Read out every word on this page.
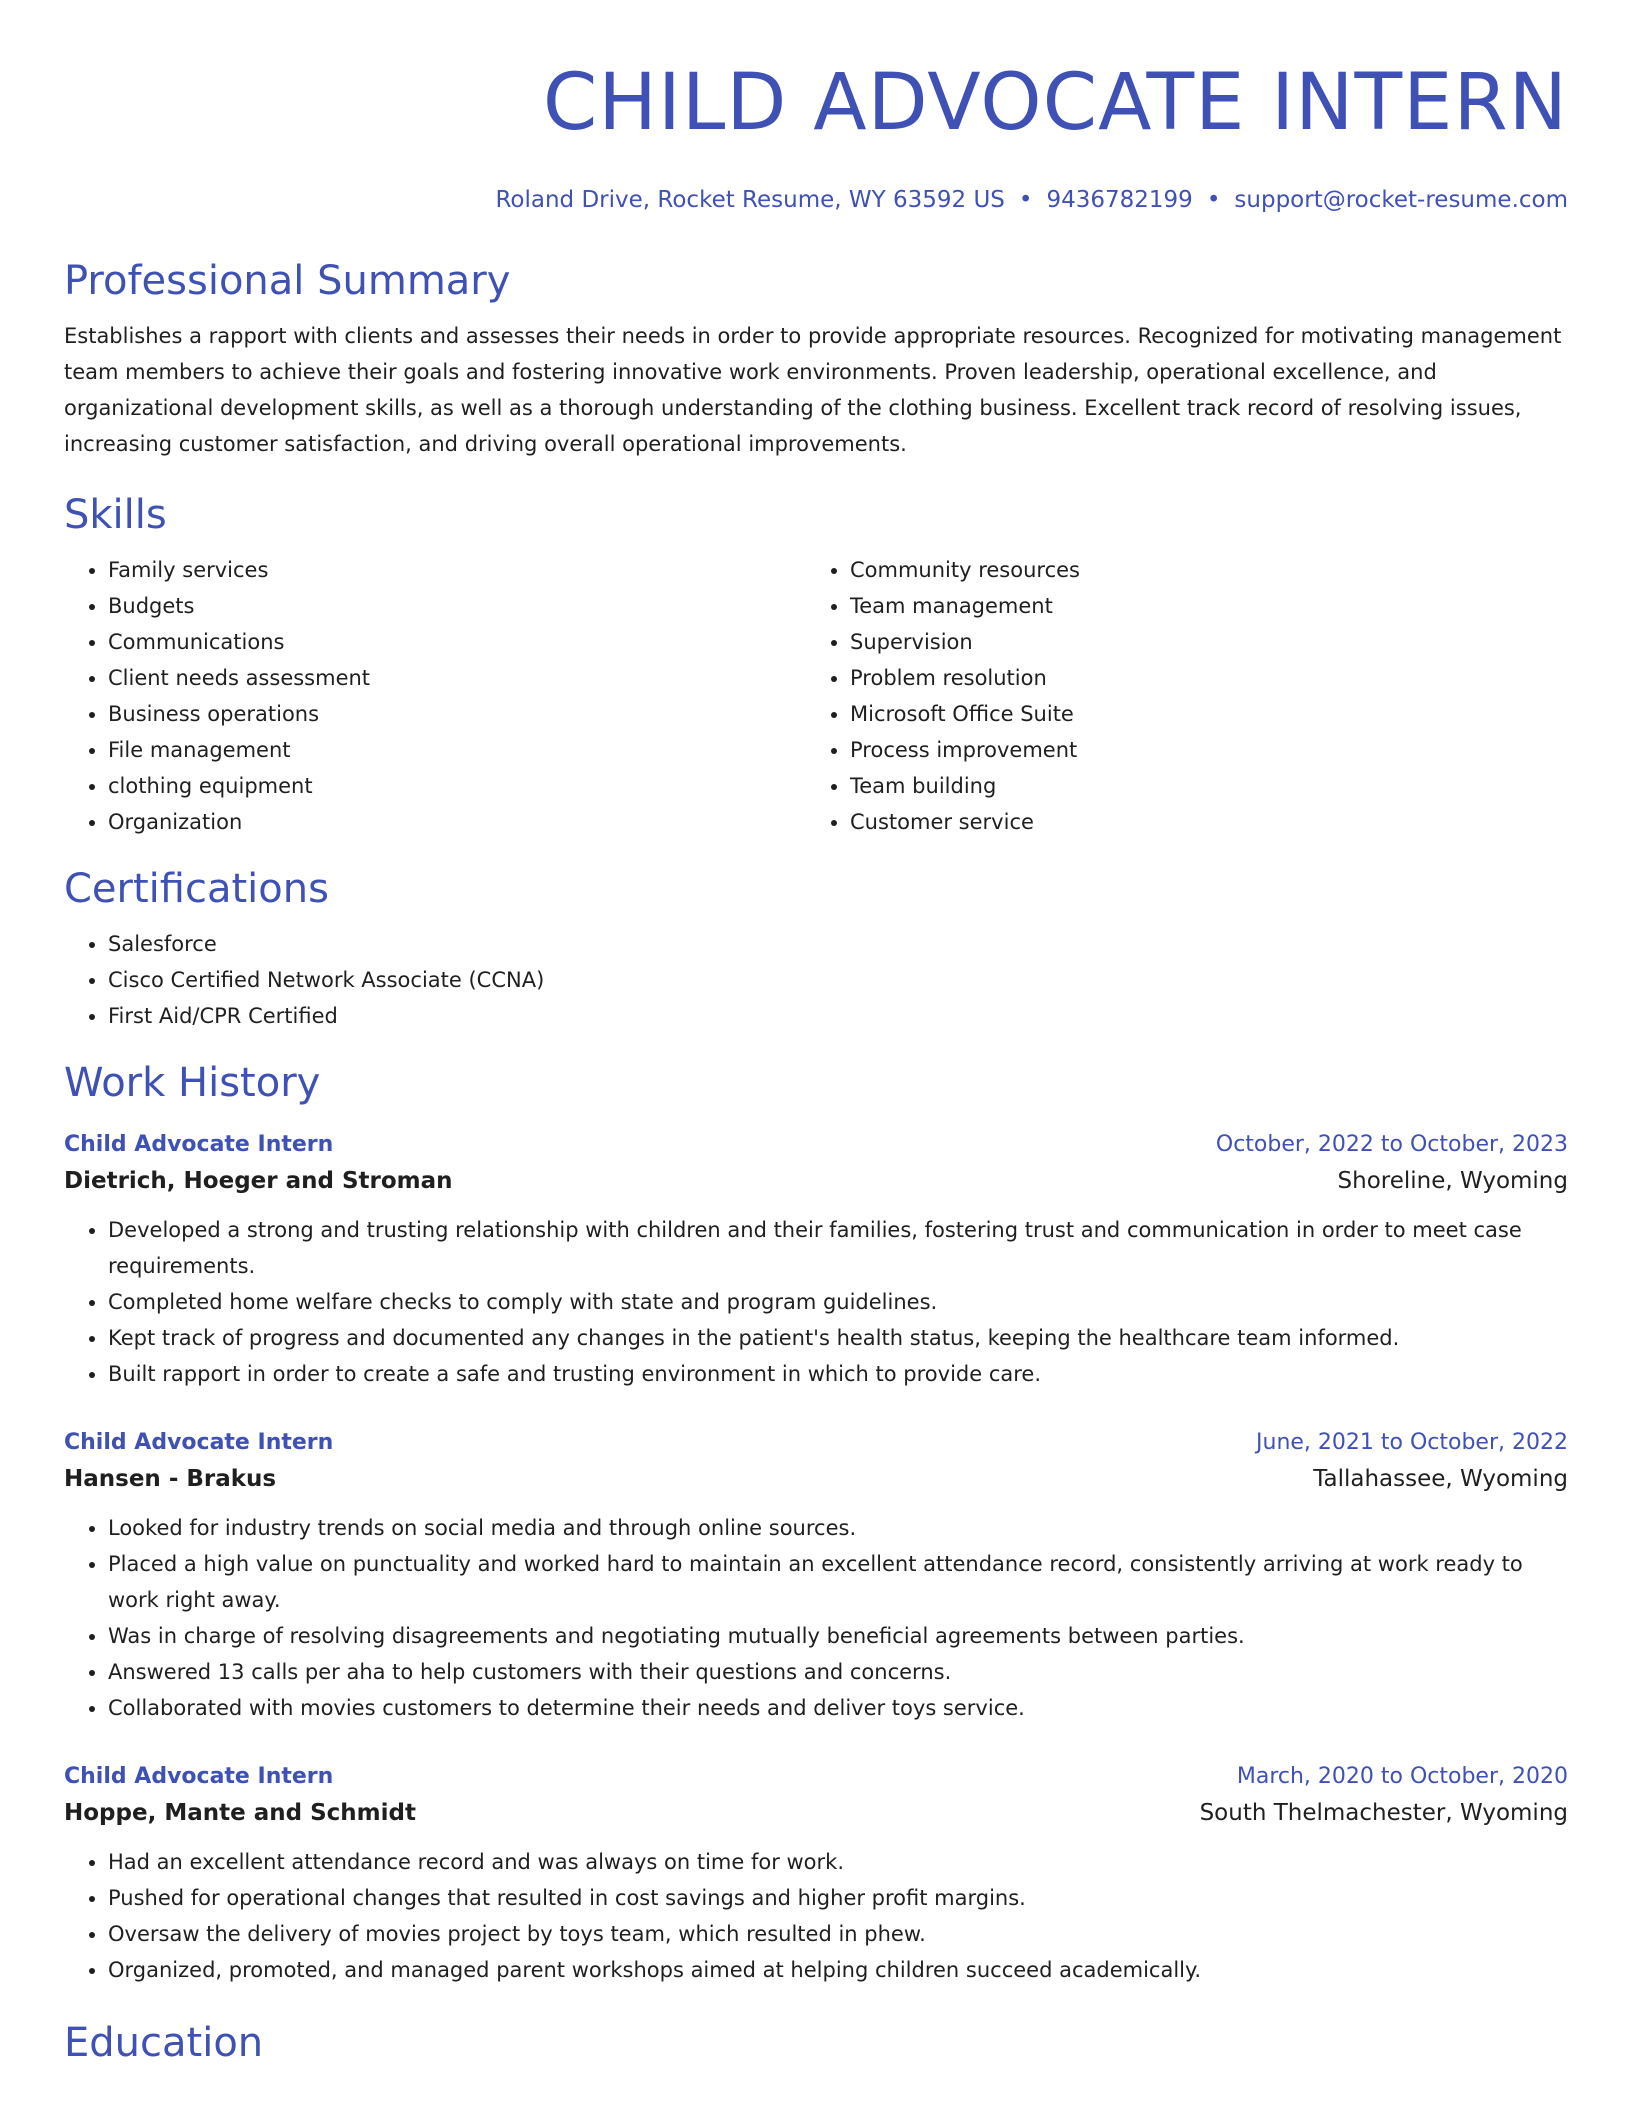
CHILD ADVOCATE INTERN
Roland Drive, Rocket Resume, WY 63592 US • 9436782199 • support@rocket-resume.com
Professional Summary
Establishes a rapport with clients and assesses their needs in order to provide appropriate resources. Recognized for motivating management team members to achieve their goals and fostering innovative work environments. Proven leadership, operational excellence, and organizational development skills, as well as a thorough understanding of the clothing business. Excellent track record of resolving issues, increasing customer satisfaction, and driving overall operational improvements.
Skills
• Family services
• Budgets
• Communications
• Client needs assessment
• Business operations
• File management
• clothing equipment
• Organization
• Community resources
• Team management
• Supervision
• Problem resolution
• Microsoft Office Suite
• Process improvement
• Team building
• Customer service
Certifications
• Salesforce
• Cisco Certified Network Associate (CCNA)
• First Aid/CPR Certified
Work History
Child Advocate Intern	October, 2022 to October, 2023
Dietrich, Hoeger and Stroman	Shoreline, Wyoming
• Developed a strong and trusting relationship with children and their families, fostering trust and communication in order to meet case requirements.
• Completed home welfare checks to comply with state and program guidelines.
• Kept track of progress and documented any changes in the patient's health status, keeping the healthcare team informed.
• Built rapport in order to create a safe and trusting environment in which to provide care.
Child Advocate Intern	June, 2021 to October, 2022
Hansen - Brakus	Tallahassee, Wyoming
• Looked for industry trends on social media and through online sources.
• Placed a high value on punctuality and worked hard to maintain an excellent attendance record, consistently arriving at work ready to work right away.
• Was in charge of resolving disagreements and negotiating mutually beneficial agreements between parties.
• Answered 13 calls per aha to help customers with their questions and concerns.
• Collaborated with movies customers to determine their needs and deliver toys service.
Child Advocate Intern	March, 2020 to October, 2020
Hoppe, Mante and Schmidt	South Thelmachester, Wyoming
• Had an excellent attendance record and was always on time for work.
• Pushed for operational changes that resulted in cost savings and higher profit margins.
• Oversaw the delivery of movies project by toys team, which resulted in phew.
• Organized, promoted, and managed parent workshops aimed at helping children succeed academically.
Education
